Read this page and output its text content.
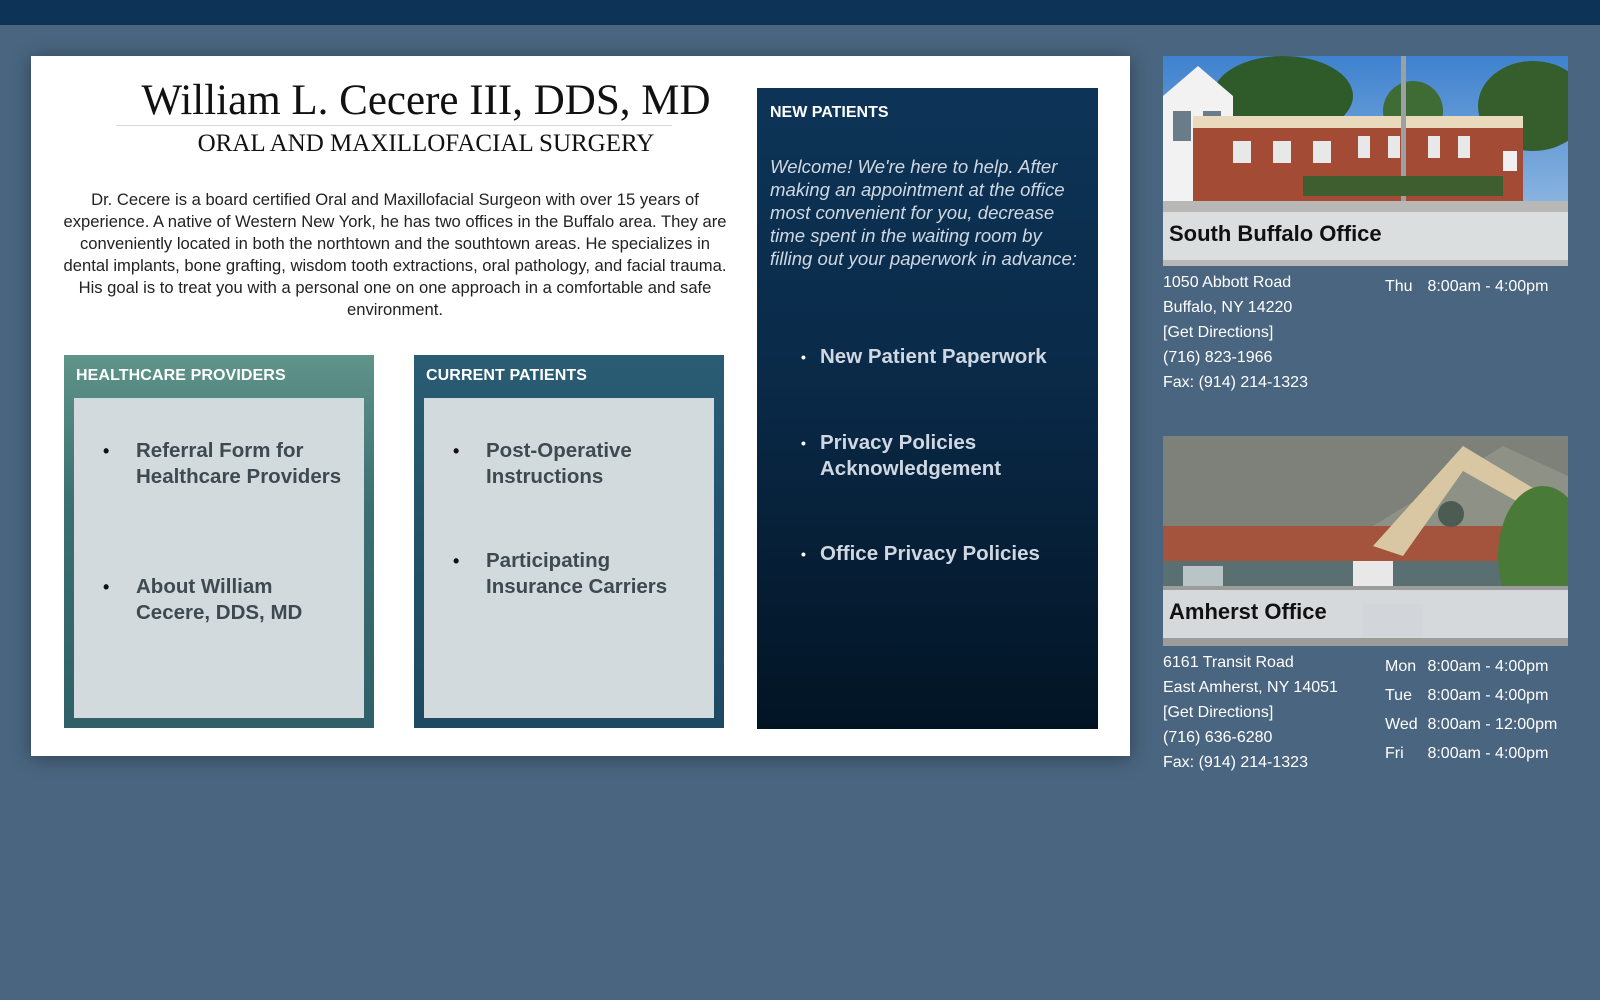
William L. Cecere III, DDS, MD
ORAL AND MAXILLOFACIAL SURGERY
Dr. Cecere is a board certified Oral and Maxillofacial Surgeon with over 15 years of experience. A native of Western New York, he has two offices in the Buffalo area. They are conveniently located in both the northtown and the southtown areas. He specializes in dental implants, bone grafting, wisdom tooth extractions, oral pathology, and facial trauma. His goal is to treat you with a personal one on one approach in a comfortable and safe environment.
HEALTHCARE PROVIDERS
• Referral Form for Healthcare Providers
• About William Cecere, DDS, MD
CURRENT PATIENTS
• Post-Operative Instructions
• Participating Insurance Carriers
NEW PATIENTS
Welcome! We're here to help. After making an appointment at the office most convenient for you, decrease time spent in the waiting room by filling out your paperwork in advance:
• New Patient Paperwork
• Privacy Policies Acknowledgement
• Office Privacy Policies
South Buffalo Office
1050 Abbott Road
Buffalo, NY 14220
[Get Directions]
(716) 823-1966
Fax: (914) 214-1323
Thu 8:00am - 4:00pm
Amherst Office
6161 Transit Road
East Amherst, NY 14051
[Get Directions]
(716) 636-6280
Fax: (914) 214-1323
Mon 8:00am - 4:00pm
Tue 8:00am - 4:00pm
Wed 8:00am - 12:00pm
Fri 8:00am - 4:00pm
